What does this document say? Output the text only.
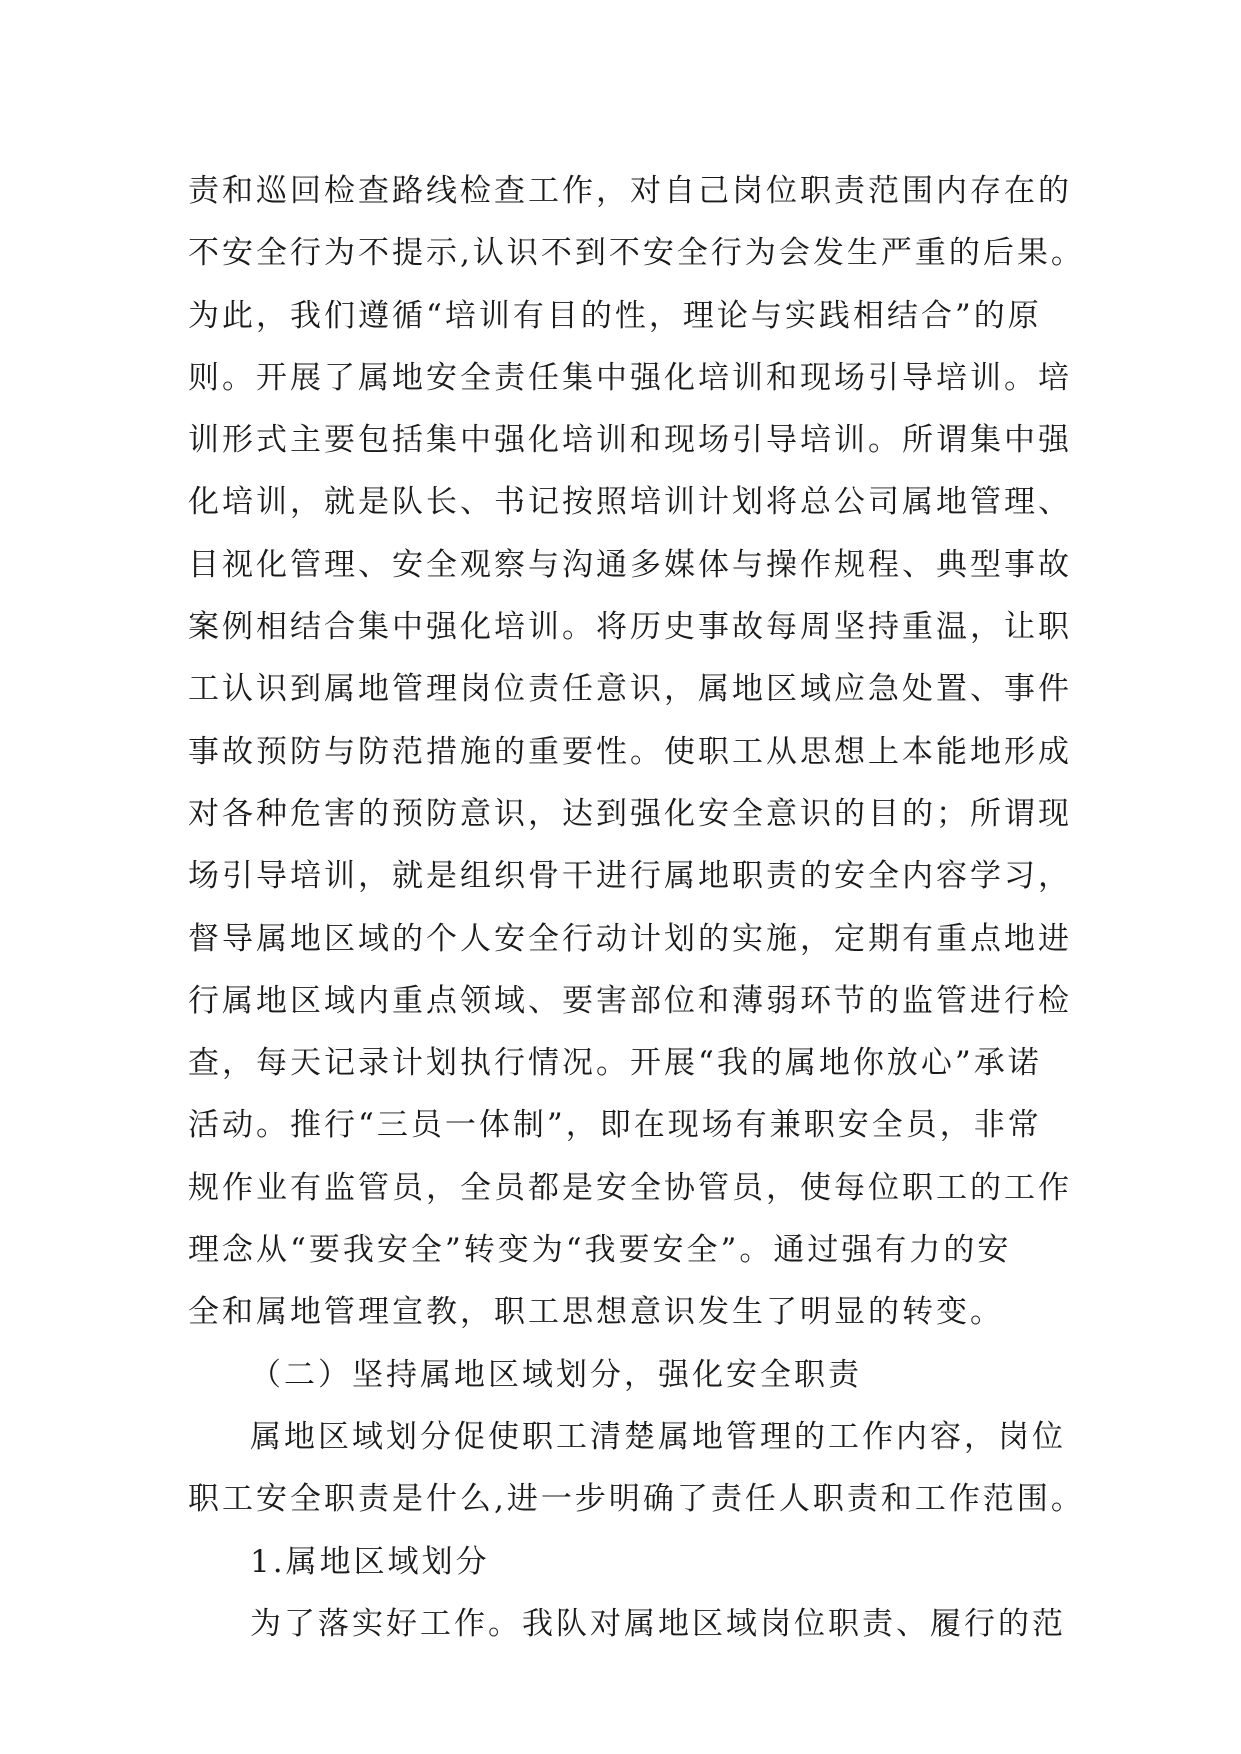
责和巡回检查路线检查工作，对自己岗位职责范围内存在的
不安全行为不提示,认识不到不安全行为会发生严重的后果。
为此，我们遵循“培训有目的性，理论与实践相结合”的原
则。开展了属地安全责任集中强化培训和现场引导培训。培
训形式主要包括集中强化培训和现场引导培训。所谓集中强
化培训，就是队长、书记按照培训计划将总公司属地管理、
目视化管理、安全观察与沟通多媒体与操作规程、典型事故
案例相结合集中强化培训。将历史事故每周坚持重温，让职
工认识到属地管理岗位责任意识，属地区域应急处置、事件
事故预防与防范措施的重要性。使职工从思想上本能地形成
对各种危害的预防意识，达到强化安全意识的目的；所谓现
场引导培训，就是组织骨干进行属地职责的安全内容学习，
督导属地区域的个人安全行动计划的实施，定期有重点地进
行属地区域内重点领域、要害部位和薄弱环节的监管进行检
查，每天记录计划执行情况。开展“我的属地你放心”承诺
活动。推行“三员一体制”，即在现场有兼职安全员，非常
规作业有监管员，全员都是安全协管员，使每位职工的工作
理念从“要我安全”转变为“我要安全”。通过强有力的安
全和属地管理宣教，职工思想意识发生了明显的转变。
（二）坚持属地区域划分，强化安全职责
属地区域划分促使职工清楚属地管理的工作内容，岗位
职工安全职责是什么,进一步明确了责任人职责和工作范围。
1.属地区域划分
为了落实好工作。我队对属地区域岗位职责、履行的范
